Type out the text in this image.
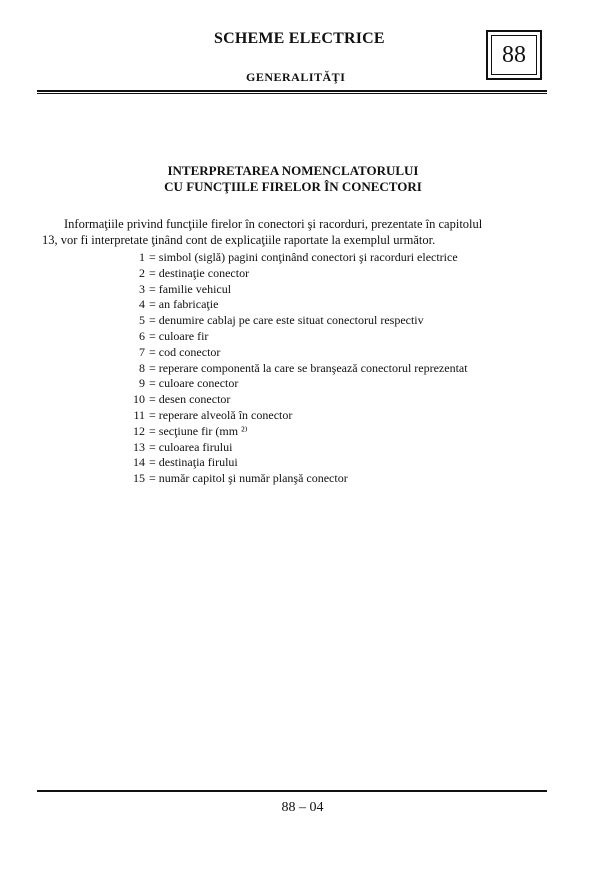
SCHEME ELECTRICE
GENERALITĂŢI
88
INTERPRETAREA NOMENCLATORULUI
CU FUNCŢIILE FIRELOR ÎN CONECTORI
Informaţiile privind funcţiile firelor în conectori şi racorduri, prezentate în capitolul
13, vor fi interpretate ţinând cont de explicaţiile raportate la exemplul următor.
1 = simbol (siglă) pagini conţinând conectori şi racorduri electrice
2 = destinaţie conector
3 = familie vehicul
4 = an fabricaţie
5 = denumire cablaj pe care este situat conectorul respectiv
6 = culoare fir
7 = cod conector
8 = reperare componentă la care se branşează conectorul reprezentat
9 = culoare conector
10 = desen conector
11 = reperare alveolă în conector
12 = secţiune fir (mm ²⁾
13 = culoarea firului
14 = destinaţia firului
15 = număr capitol şi număr planşă conector
88 – 04
